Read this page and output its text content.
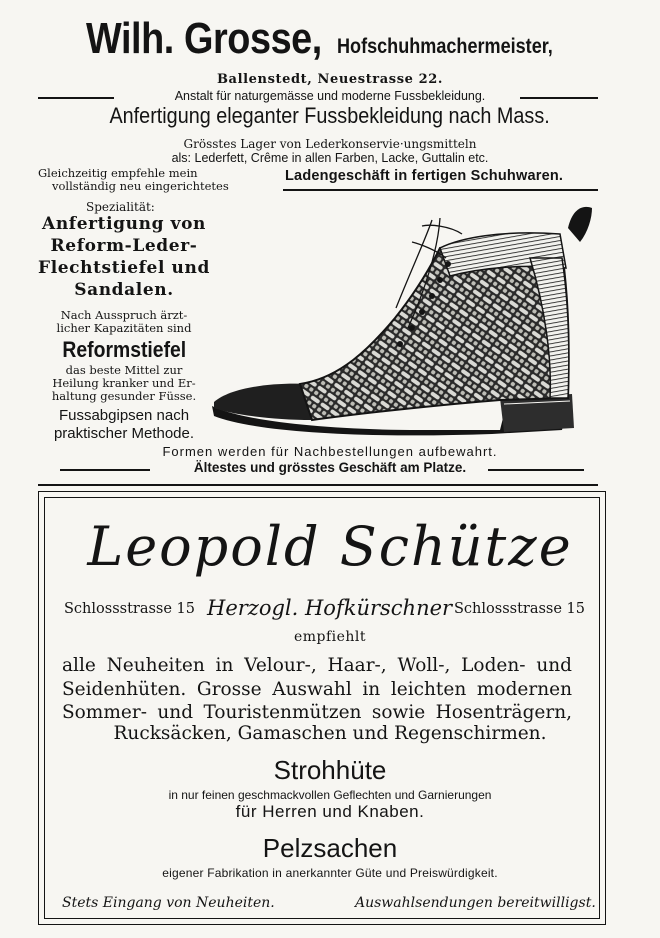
Wilh. Grosse, Hofschuhmachermeister,
Ballenstedt, Neuestrasse 22.
Anstalt für naturgemässe und moderne Fussbekleidung.
Anfertigung eleganter Fussbekleidung nach Mass.
Grösstes Lager von Lederkonservie·ungsmitteln
als: Lederfett, Crême in allen Farben, Lacke, Guttalin etc.
Gleichzeitig empfehle mein
vollständig neu eingerichtetes
Ladengeschäft in fertigen Schuhwaren.
Spezialität:
Anfertigung von
Reform-Leder-
Flechtstiefel und
Sandalen.
Nach Ausspruch ärzt-
licher Kapazitäten sind
Reformstiefel
das beste Mittel zur
Heilung kranker und Er-
haltung gesunder Füsse.
Fussabgipsen nach
praktischer Methode.
Formen werden für Nachbestellungen aufbewahrt.
Ältestes und grösstes Geschäft am Platze.
Leopold Schütze
Schlossstrasse 15 Herzogl. Hofkürschner Schlossstrasse 15
empfiehlt
alle Neuheiten in Velour-, Haar-, Woll-, Loden- und
Seidenhüten. Grosse Auswahl in leichten modernen
Sommer- und Touristenmützen sowie Hosenträgern,
Rucksäcken, Gamaschen und Regenschirmen.
Strohhüte
in nur feinen geschmackvollen Geflechten und Garnierungen
für Herren und Knaben.
Pelzsachen
eigener Fabrikation in anerkannter Güte und Preiswürdigkeit.
Stets Eingang von Neuheiten.	Auswahlsendungen bereitwilligst.
